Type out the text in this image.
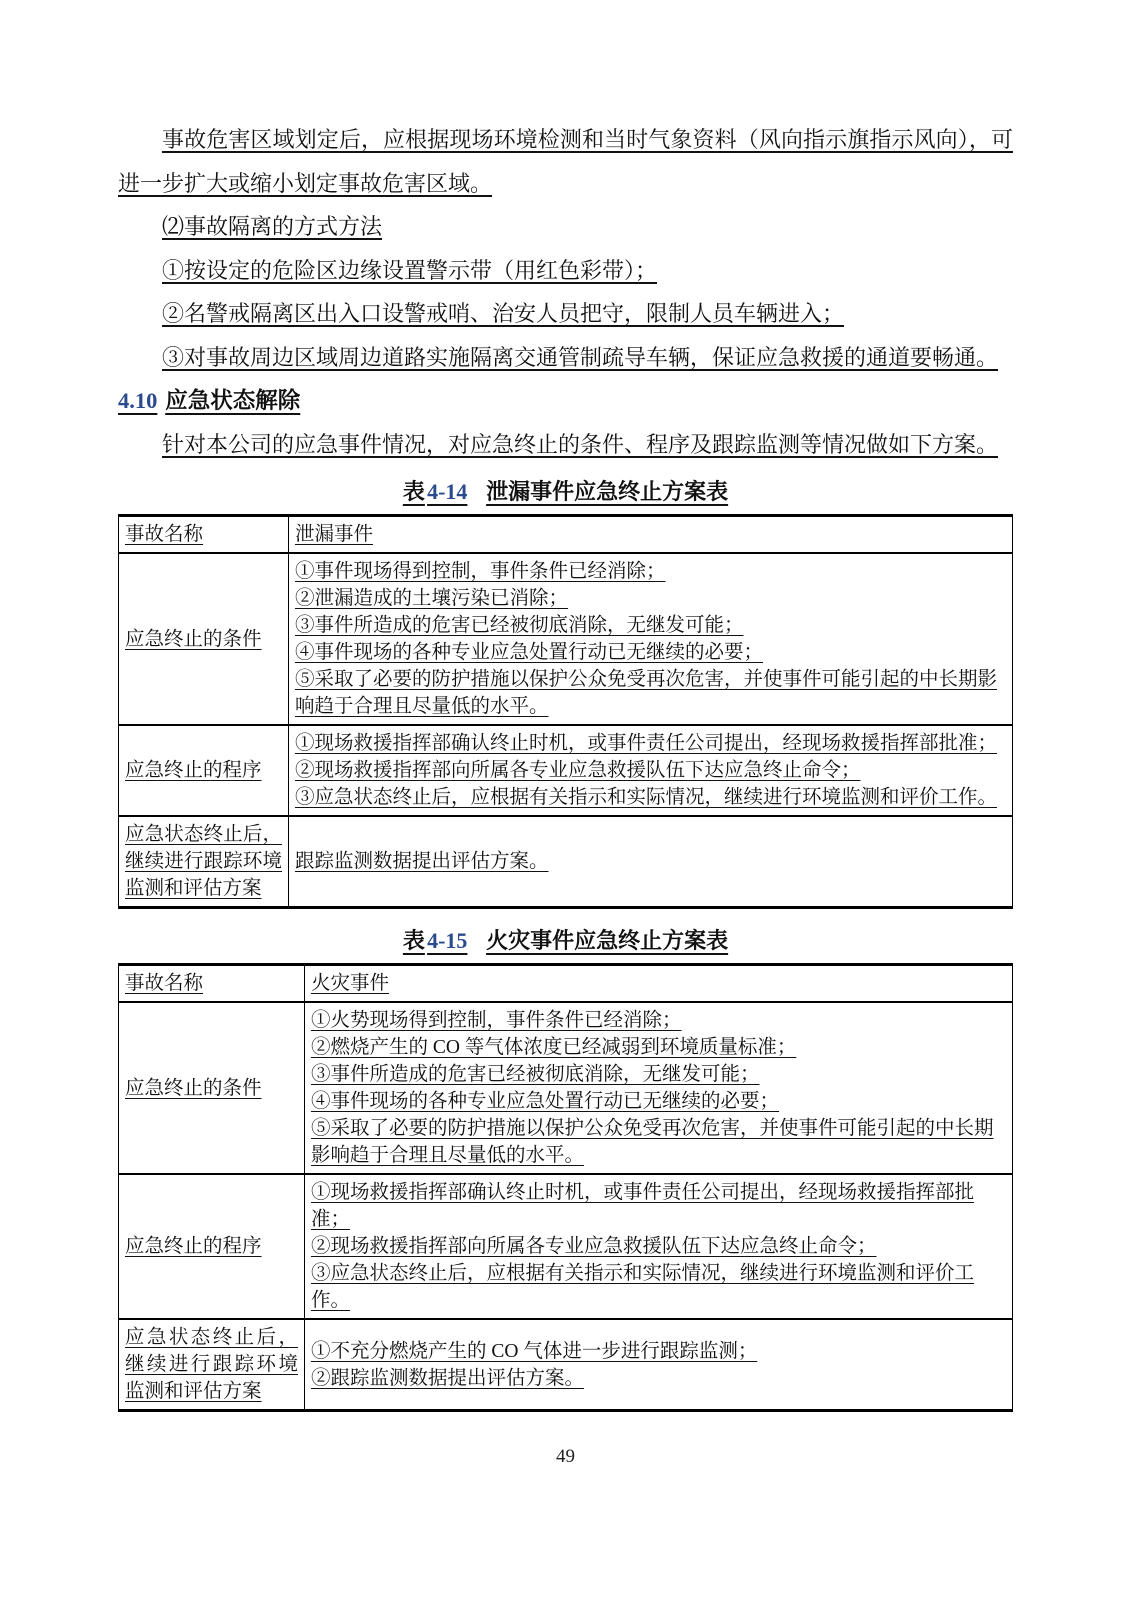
事故危害区域划定后，应根据现场环境检测和当时气象资料（风向指示旗指示风向），可进一步扩大或缩小划定事故危害区域。

⑵事故隔离的方式方法

①按设定的危险区边缘设置警示带（用红色彩带）；

②名警戒隔离区出入口设警戒哨、治安人员把守，限制人员车辆进入；

③对事故周边区域周边道路实施隔离交通管制疏导车辆，保证应急救援的通道要畅通。

4.10 应急状态解除

针对本公司的应急事件情况，对应急终止的条件、程序及跟踪监测等情况做如下方案。

表4-14 泄漏事件应急终止方案表
事故名称	泄漏事件

应急终止的条件	①事件现场得到控制，事件条件已经消除；
②泄漏造成的土壤污染已消除；
③事件所造成的危害已经被彻底消除，无继发可能；
④事件现场的各种专业应急处置行动已无继续的必要；
⑤采取了必要的防护措施以保护公众免受再次危害，并使事件可能引起的中长期影响趋于合理且尽量低的水平。

应急终止的程序	①现场救援指挥部确认终止时机，或事件责任公司提出，经现场救援指挥部批准；
②现场救援指挥部向所属各专业应急救援队伍下达应急终止命令；
③应急状态终止后，应根据有关指示和实际情况，继续进行环境监测和评价工作。

应急状态终止后，继续进行跟踪环境监测和评估方案	跟踪监测数据提出评估方案。
表4-15 火灾事件应急终止方案表
事故名称	火灾事件

应急终止的条件	①火势现场得到控制，事件条件已经消除；
②燃烧产生的 CO 等气体浓度已经减弱到环境质量标准；
③事件所造成的危害已经被彻底消除，无继发可能；
④事件现场的各种专业应急处置行动已无继续的必要；
⑤采取了必要的防护措施以保护公众免受再次危害，并使事件可能引起的中长期影响趋于合理且尽量低的水平。

应急终止的程序	①现场救援指挥部确认终止时机，或事件责任公司提出，经现场救援指挥部批准；
②现场救援指挥部向所属各专业应急救援队伍下达应急终止命令；
③应急状态终止后，应根据有关指示和实际情况，继续进行环境监测和评价工作。

应急状态终止后，继续进行跟踪环境监测和评估方案	①不充分燃烧产生的 CO 气体进一步进行跟踪监测；
②跟踪监测数据提出评估方案。
49
